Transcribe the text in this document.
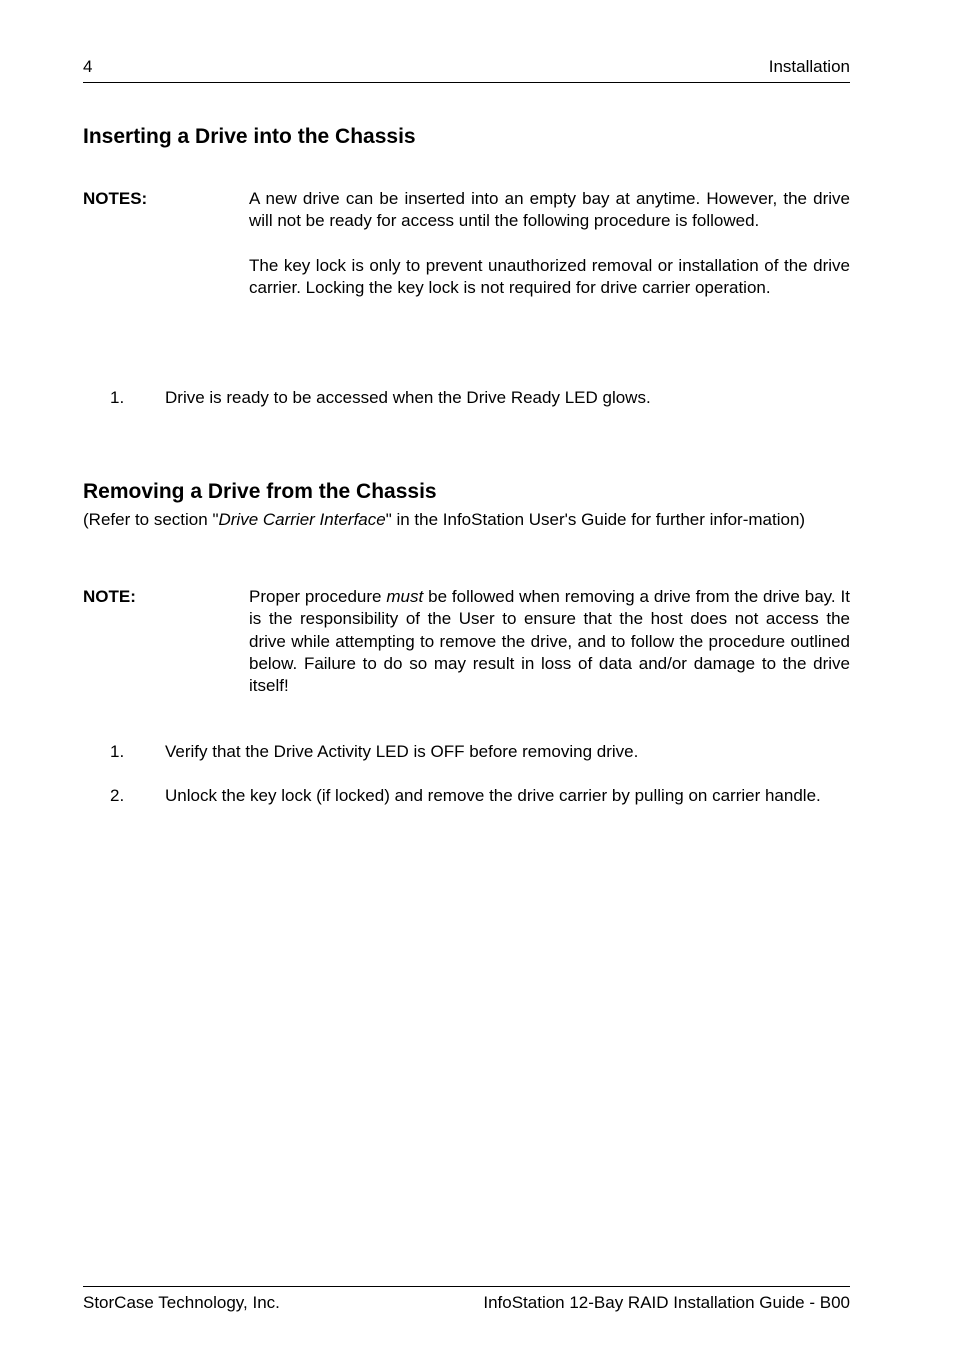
4	Installation
Inserting a Drive into the Chassis
NOTES:	A new drive can be inserted into an empty bay at anytime. However, the drive will not be ready for access until the following procedure is followed.

The key lock is only to prevent unauthorized removal or installation of the drive carrier. Locking the key lock is not required for drive carrier operation.

1. Drive is ready to be accessed when the Drive Ready LED glows.
Removing a Drive from the Chassis
(Refer to section "Drive Carrier Interface" in the InfoStation User's Guide for further infor-mation)
NOTE:	Proper procedure must be followed when removing a drive from the drive bay. It is the responsibility of the User to ensure that the host does not access the drive while attempting to remove the drive, and to follow the procedure outlined below. Failure to do so may result in loss of data and/or damage to the drive itself!

1. Verify that the Drive Activity LED is OFF before removing drive.
2. Unlock the key lock (if locked) and remove the drive carrier by pulling on carrier handle.
StorCase Technology, Inc.	InfoStation 12-Bay RAID Installation Guide - B00
